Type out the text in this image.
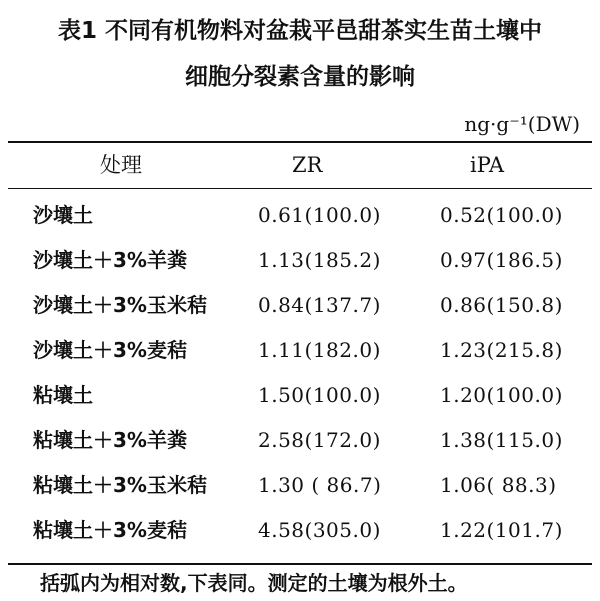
表1 不同有机物料对盆栽平邑甜茶实生苗土壤中
细胞分裂素含量的影响
ng·g⁻¹(DW)
处理	ZR	iPA
沙壤土	0.61(100.0)	0.52(100.0)
沙壤土＋3%羊粪	1.13(185.2)	0.97(186.5)
沙壤土＋3%玉米秸	0.84(137.7)	0.86(150.8)
沙壤土＋3%麦秸	1.11(182.0)	1.23(215.8)
粘壤土	1.50(100.0)	1.20(100.0)
粘壤土＋3%羊粪	2.58(172.0)	1.38(115.0)
粘壤土＋3%玉米秸	1.30 ( 86.7)	1.06( 88.3)
粘壤土＋3%麦秸	4.58(305.0)	1.22(101.7)
括弧内为相对数,下表同。测定的土壤为根外土。
